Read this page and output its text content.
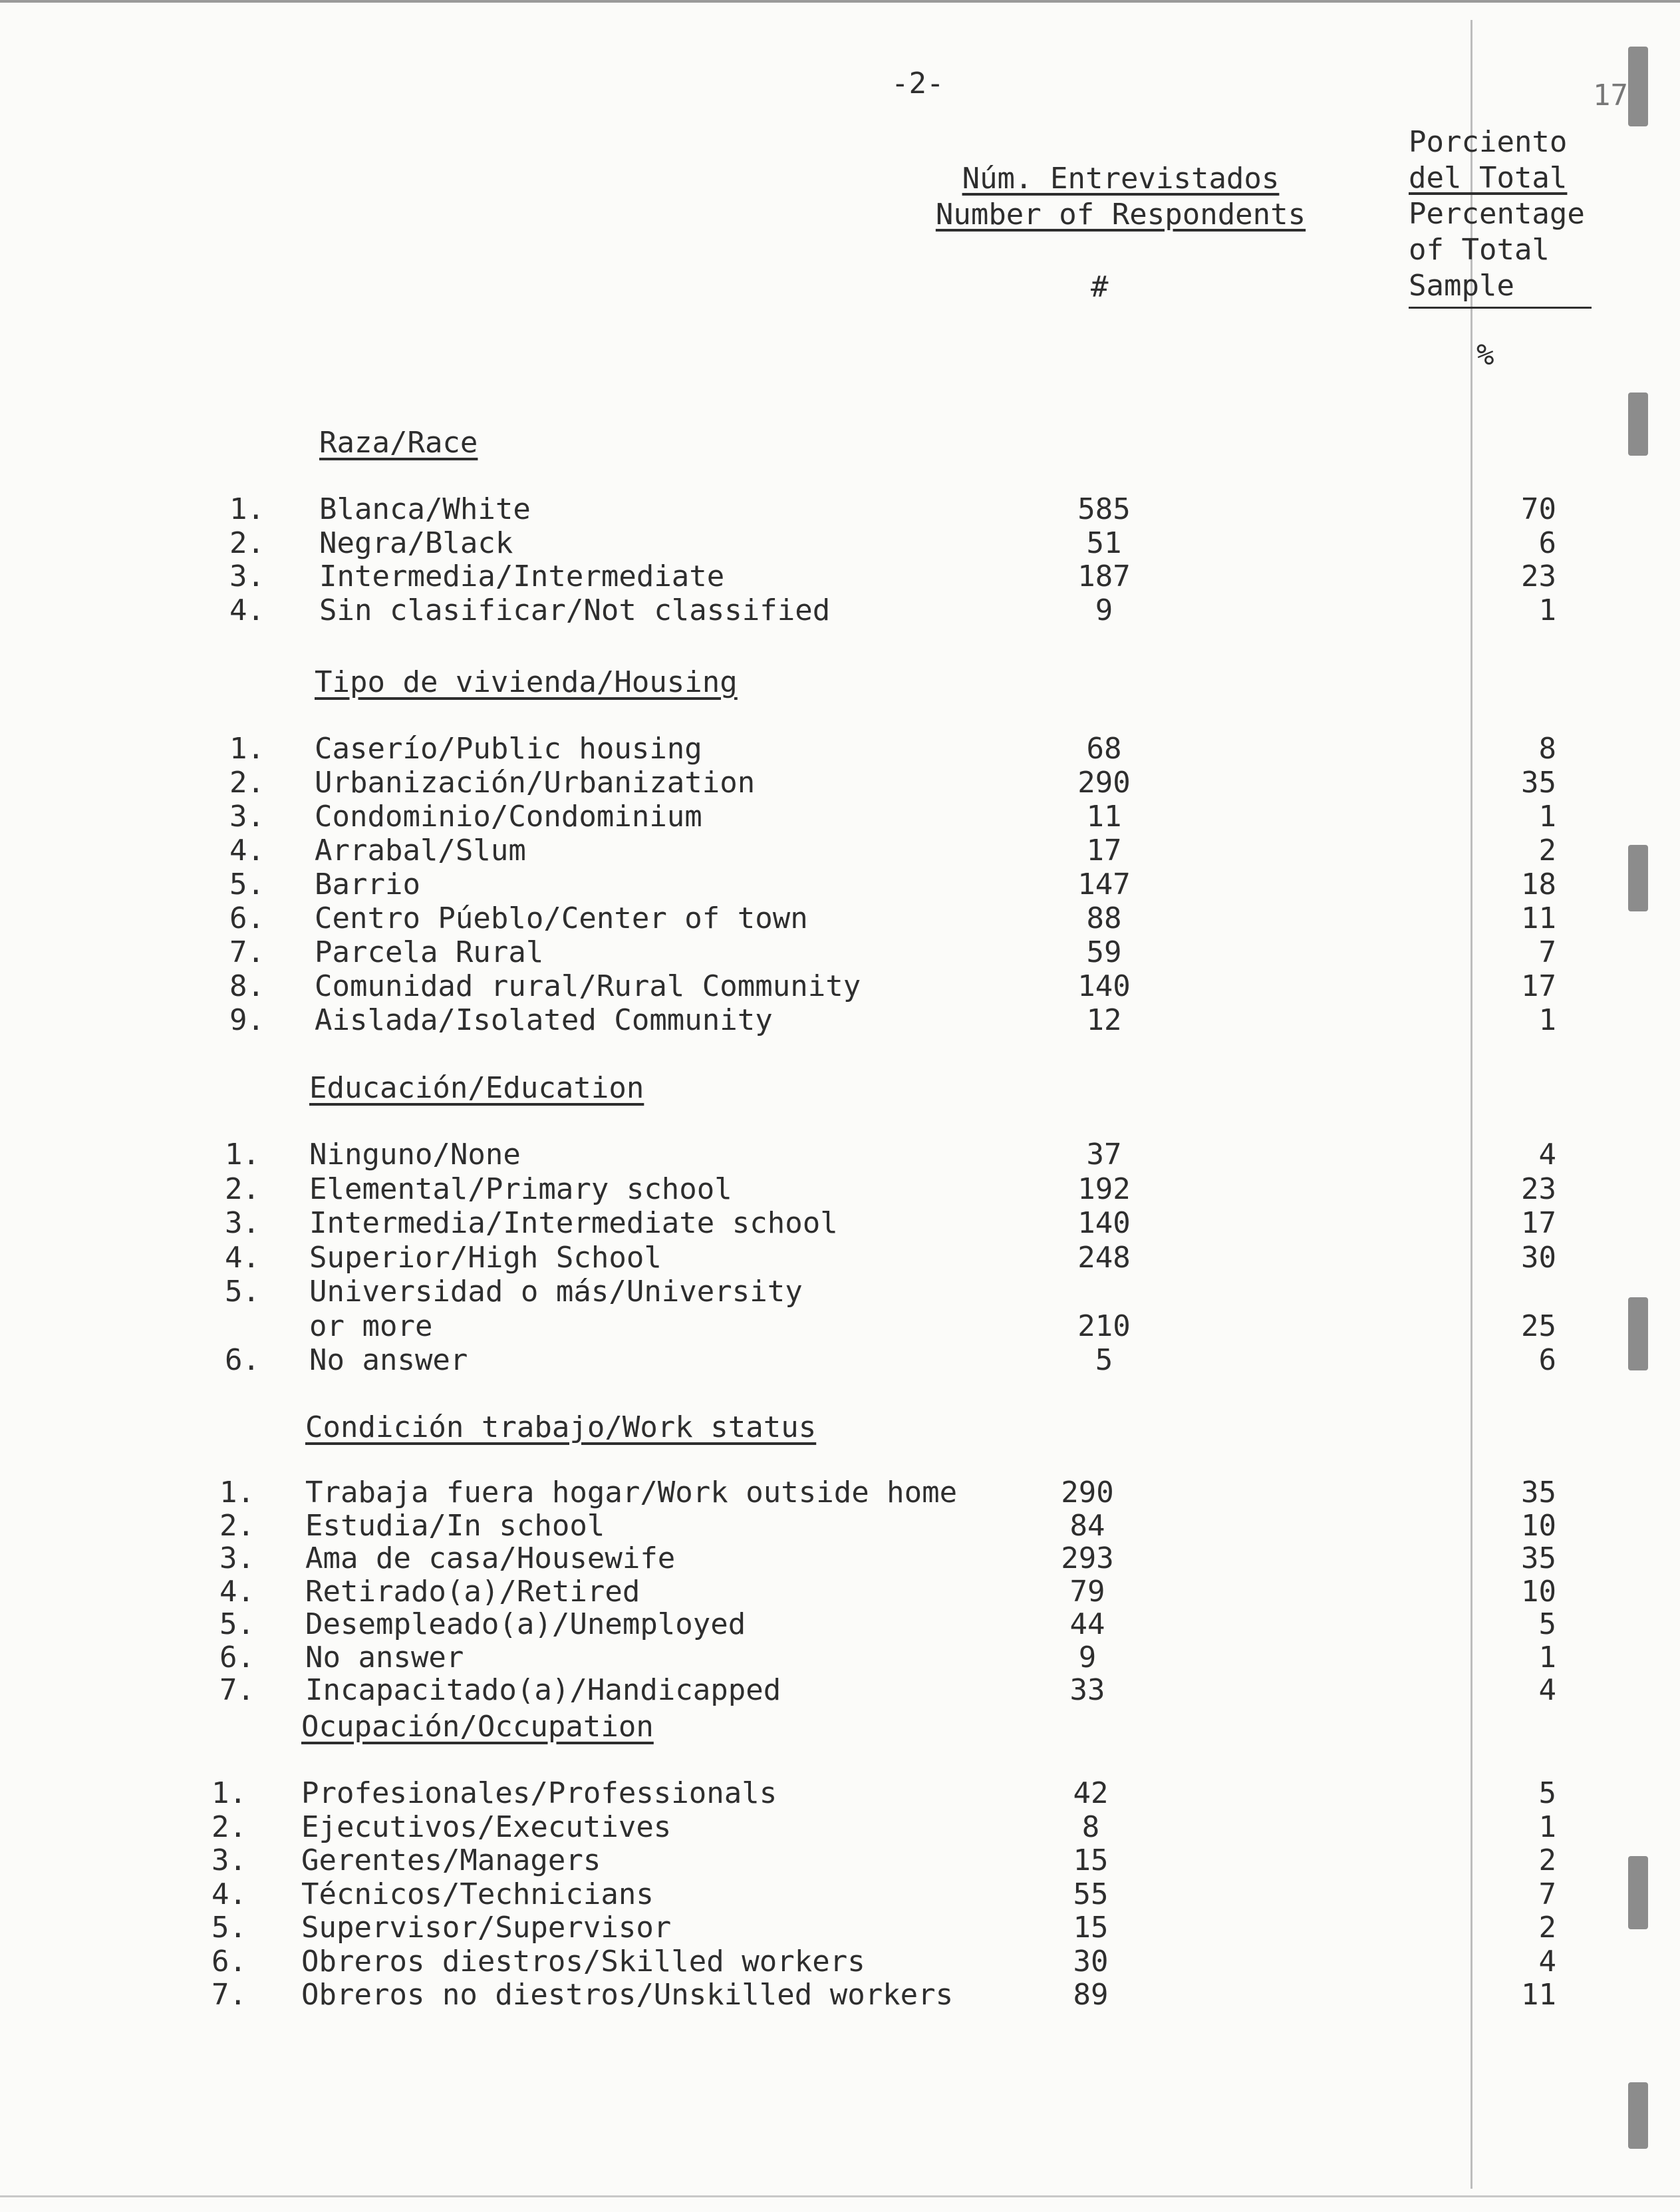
-2-	17
Núm. Entrevistados
Number of Respondents
#
Porciento
del Total
Percentage
of Total
Sample
%
Raza/Race
1. Blanca/White	585	70
2. Negra/Black	51	6
3. Intermedia/Intermediate	187	23
4. Sin clasificar/Not classified	9	1
Tipo de vivienda/Housing
1. Caserío/Public housing	68	8
2. Urbanización/Urbanization	290	35
3. Condominio/Condominium	11	1
4. Arrabal/Slum	17	2
5. Barrio	147	18
6. Centro Púeblo/Center of town	88	11
7. Parcela Rural	59	7
8. Comunidad rural/Rural Community	140	17
9. Aislada/Isolated Community	12	1
Educación/Education
1. Ninguno/None	37	4
2. Elemental/Primary school	192	23
3. Intermedia/Intermediate school	140	17
4. Superior/High School	248	30
5. Universidad o más/University
or more	210	25
6. No answer	5	6
Condición trabajo/Work status
1. Trabaja fuera hogar/Work outside home	290	35
2. Estudia/In school	84	10
3. Ama de casa/Housewife	293	35
4. Retirado(a)/Retired	79	10
5. Desempleado(a)/Unemployed	44	5
6. No answer	9	1
7. Incapacitado(a)/Handicapped	33	4
Ocupación/Occupation
1. Profesionales/Professionals	42	5
2. Ejecutivos/Executives	8	1
3. Gerentes/Managers	15	2
4. Técnicos/Technicians	55	7
5. Supervisor/Supervisor	15	2
6. Obreros diestros/Skilled workers	30	4
7. Obreros no diestros/Unskilled workers	89	11
